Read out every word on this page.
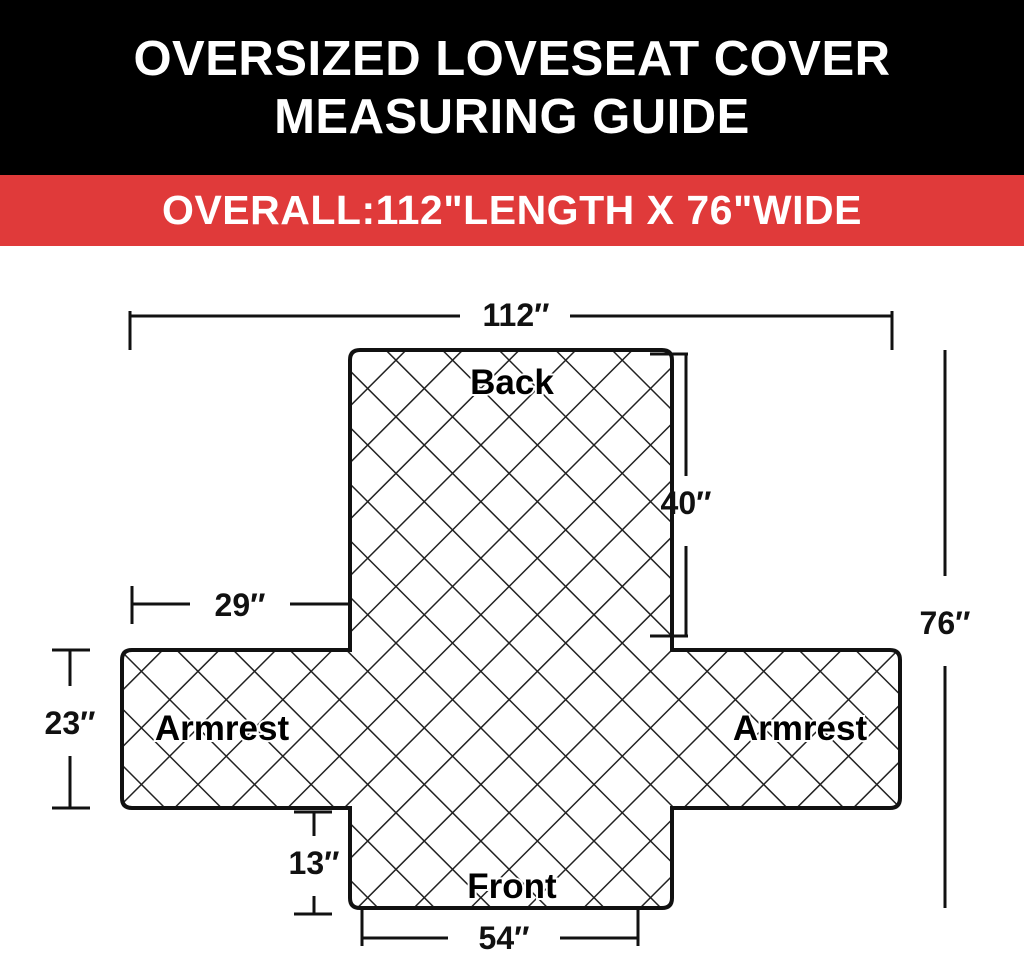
OVERSIZED LOVESEAT COVER
MEASURING GUIDE
OVERALL:112"LENGTH X 76"WIDE
112″
76″
40″
29″
23″
13″
54″
Back
Front
Armrest	Armrest
